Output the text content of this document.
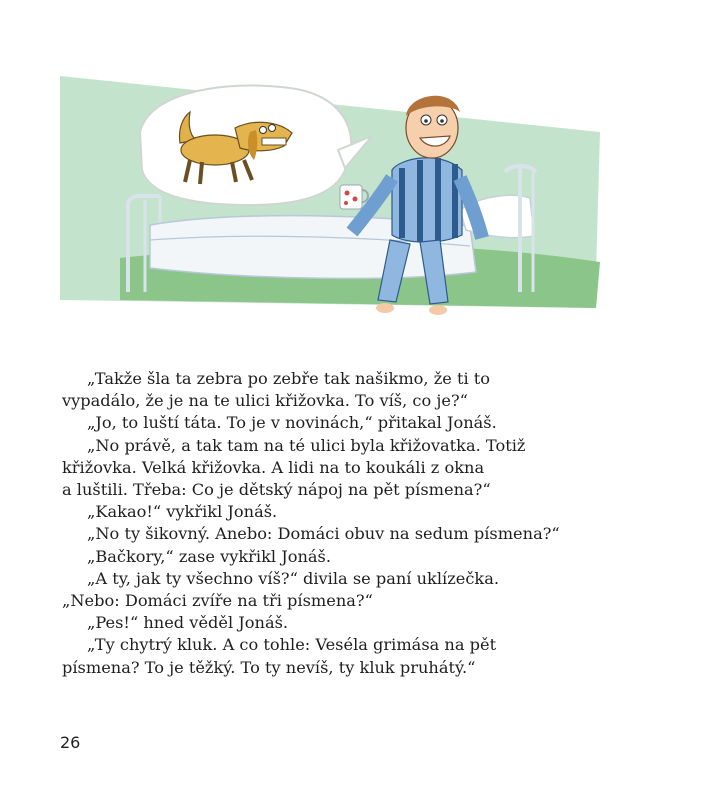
„Takže šla ta zebra po zebře tak našikmo, že ti to
vypadálo, že je na te ulici křižovka. To víš, co je?“
„Jo, to luští táta. To je v novinách,“ přitakal Jonáš.
„No právě, a tak tam na té ulici byla křižovatka. Totiž
křižovka. Velká křižovka. A lidi na to koukáli z okna
a luštili. Třeba: Co je dětský nápoj na pět písmena?“
„Kakao!“ vykřikl Jonáš.
„No ty šikovný. Anebo: Domáci obuv na sedum písmena?“
„Bačkory,“ zase vykřikl Jonáš.
„A ty, jak ty všechno víš?“ divila se paní uklízečka.
„Nebo: Domáci zvíře na tři písmena?“
„Pes!“ hned věděl Jonáš.
„Ty chytrý kluk. A co tohle: Veséla grimása na pět
písmena? To je těžký. To ty nevíš, ty kluk pruhátý.“
26
